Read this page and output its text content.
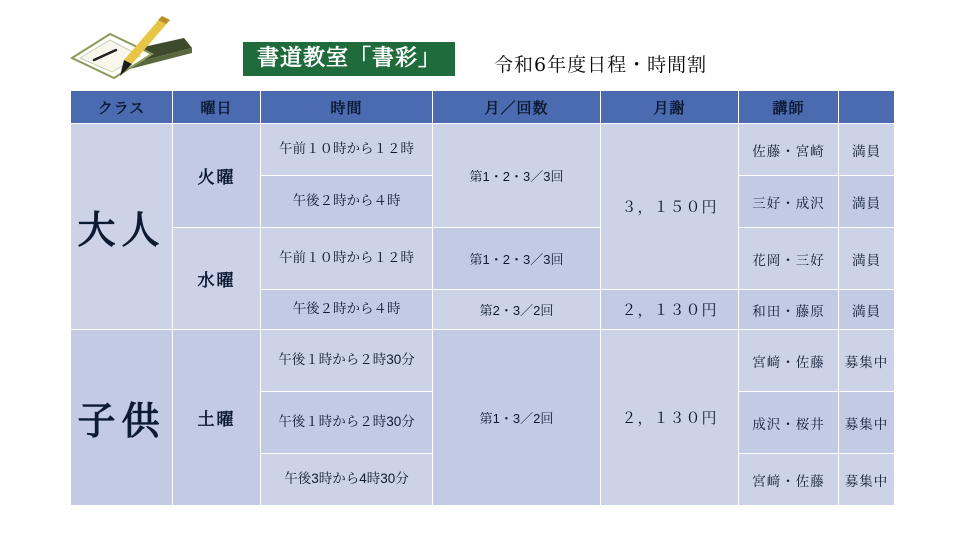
書道教室「書彩」	令和6年度日程・時間割
クラス	曜日	時間	月／回数	月謝	講師	
大人	火曜	午前１０時から１２時	第1・2・3／3回	３，１５０円	佐藤・宮崎	満員
		午後２時から４時			三好・成沢	満員
	水曜	午前１０時から１２時	第1・2・3／3回		花岡・三好	満員
		午後２時から４時	第2・3／2回	２，１３０円	和田・藤原	満員
子供	土曜	午後１時から２時30分	第1・3／2回	２，１３０円	宮﨑・佐藤	募集中
		午後１時から２時30分			成沢・桜井	募集中
		午後3時から4時30分			宮﨑・佐藤	募集中
